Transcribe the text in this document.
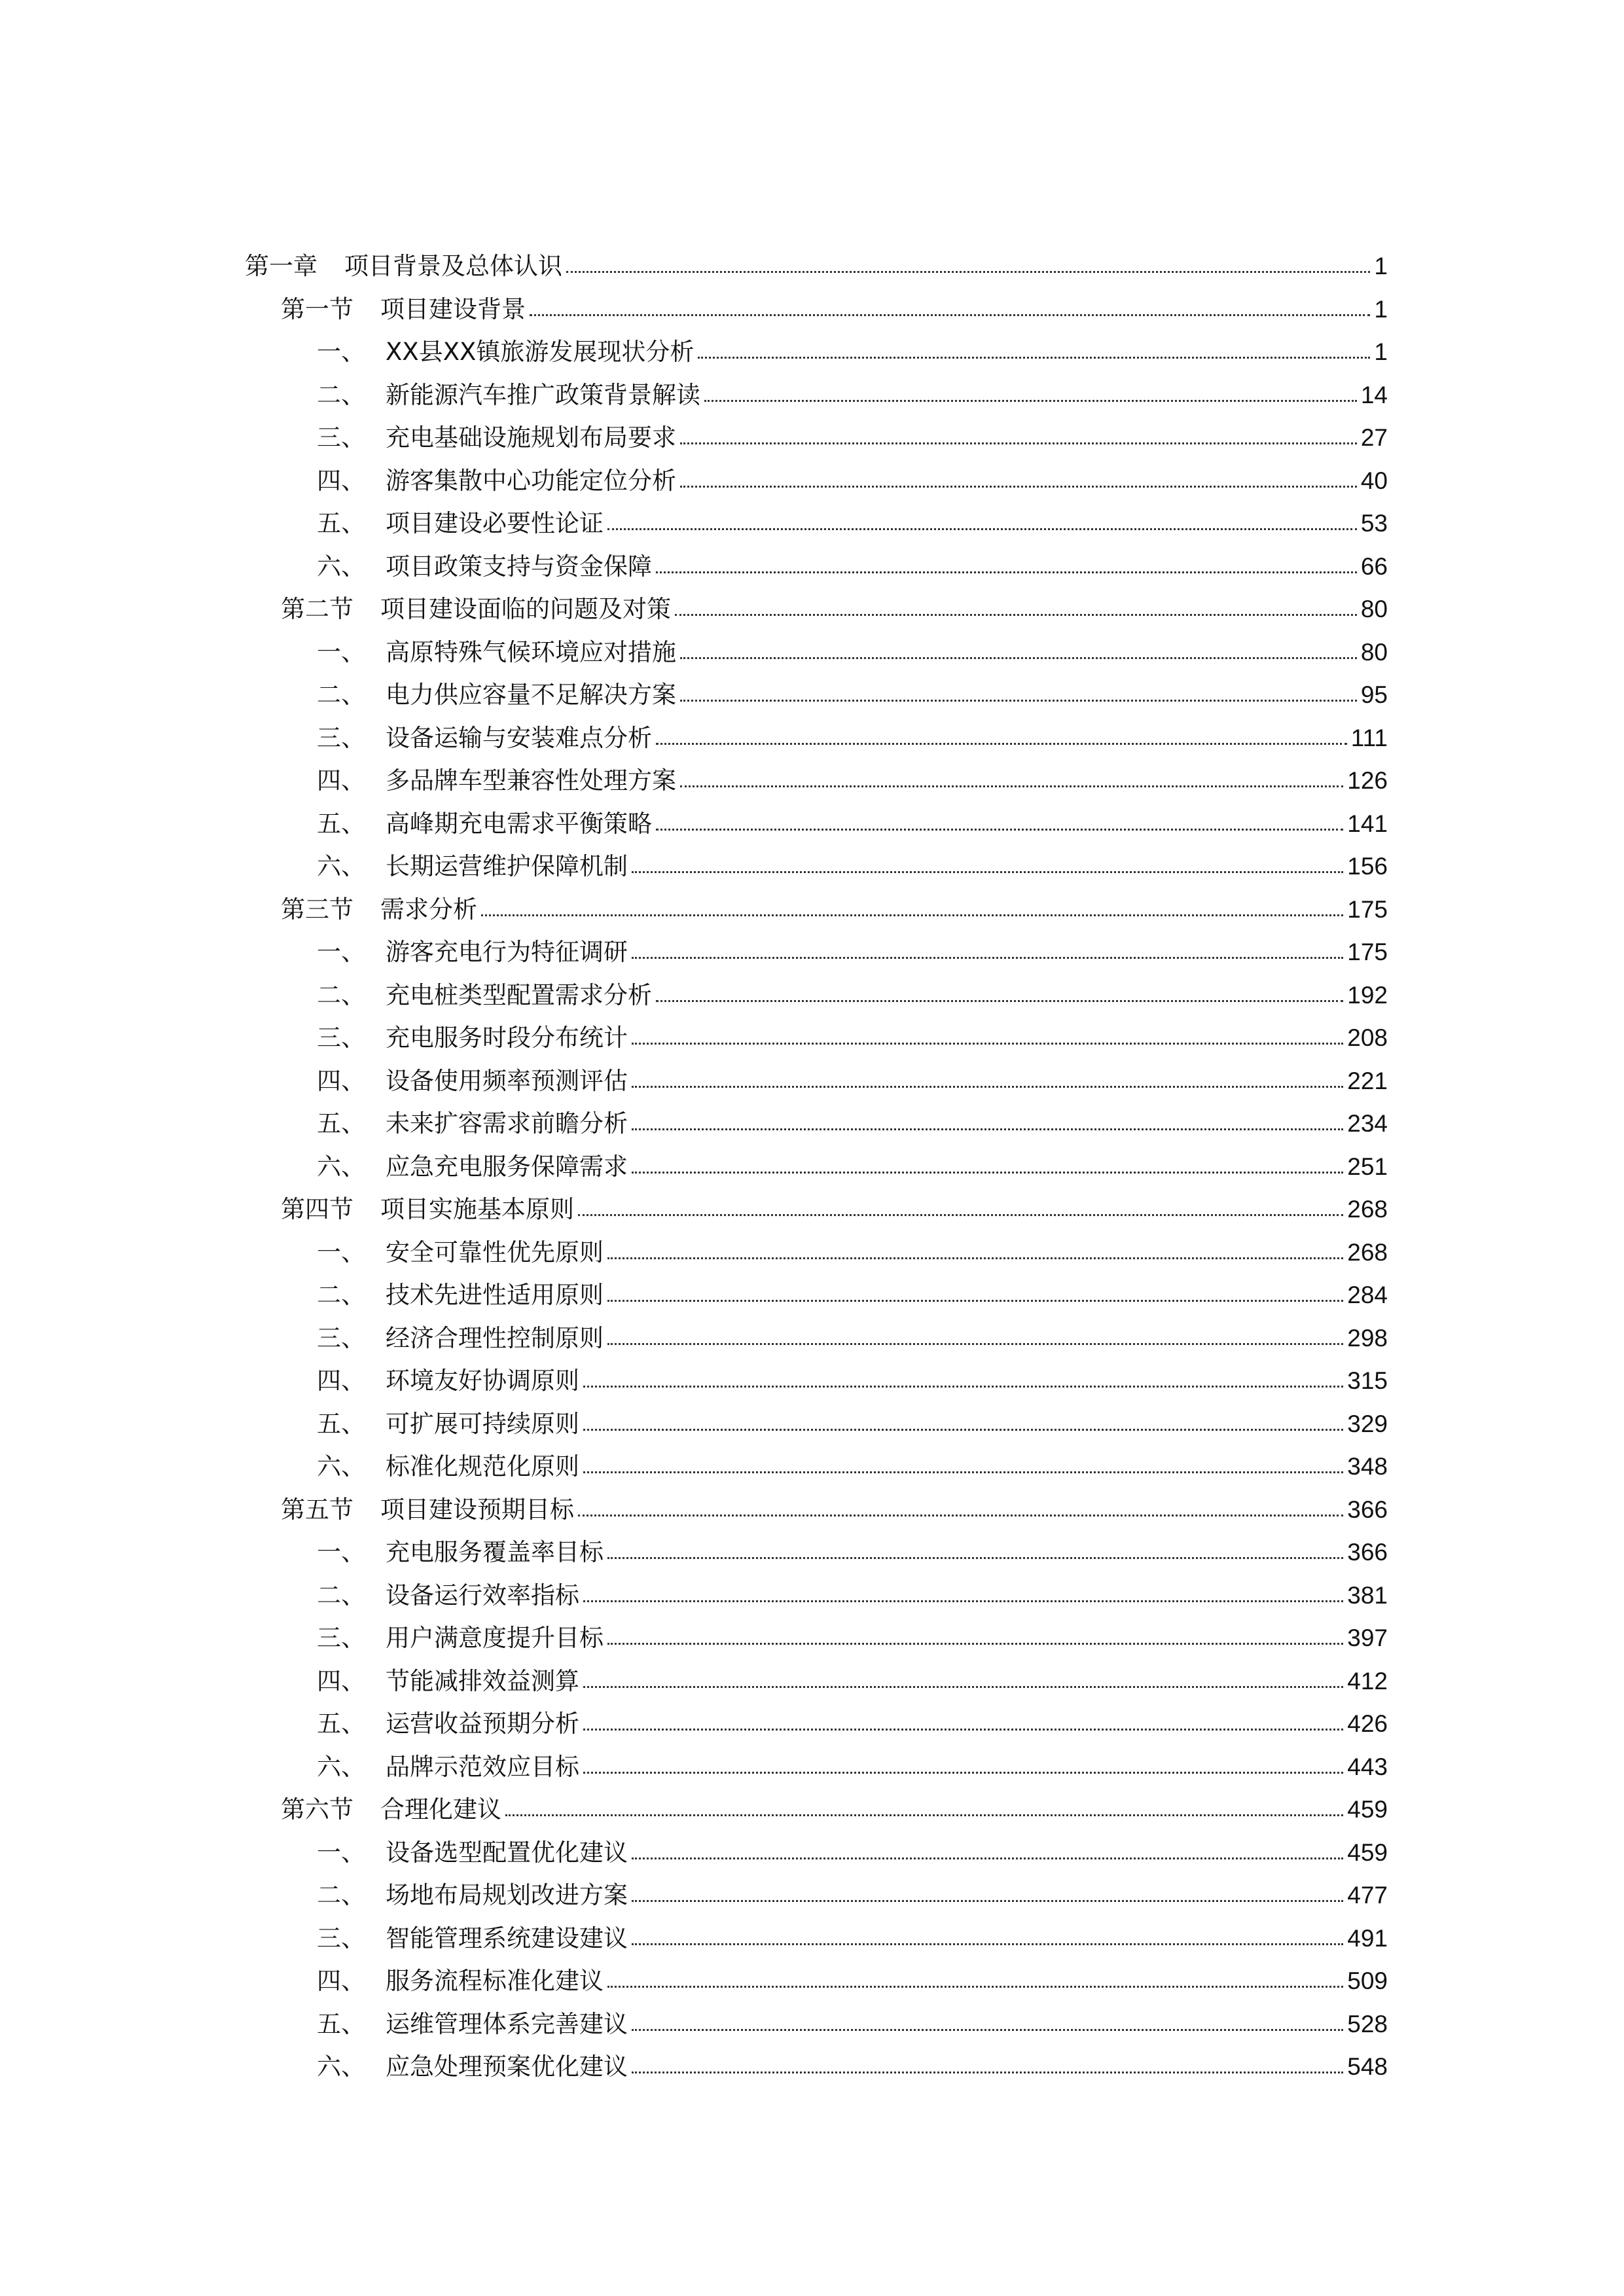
第一章	项目背景及总体认识	1
第一节	项目建设背景	1
一、 XX县XX镇旅游发展现状分析	1
二、 新能源汽车推广政策背景解读	14
三、 充电基础设施规划布局要求	27
四、 游客集散中心功能定位分析	40
五、 项目建设必要性论证	53
六、 项目政策支持与资金保障	66
第二节	项目建设面临的问题及对策	80
一、 高原特殊气候环境应对措施	80
二、 电力供应容量不足解决方案	95
三、 设备运输与安装难点分析	111
四、 多品牌车型兼容性处理方案	126
五、 高峰期充电需求平衡策略	141
六、 长期运营维护保障机制	156
第三节	需求分析	175
一、 游客充电行为特征调研	175
二、 充电桩类型配置需求分析	192
三、 充电服务时段分布统计	208
四、 设备使用频率预测评估	221
五、 未来扩容需求前瞻分析	234
六、 应急充电服务保障需求	251
第四节	项目实施基本原则	268
一、 安全可靠性优先原则	268
二、 技术先进性适用原则	284
三、 经济合理性控制原则	298
四、 环境友好协调原则	315
五、 可扩展可持续原则	329
六、 标准化规范化原则	348
第五节	项目建设预期目标	366
一、 充电服务覆盖率目标	366
二、 设备运行效率指标	381
三、 用户满意度提升目标	397
四、 节能减排效益测算	412
五、 运营收益预期分析	426
六、 品牌示范效应目标	443
第六节	合理化建议	459
一、 设备选型配置优化建议	459
二、 场地布局规划改进方案	477
三、 智能管理系统建设建议	491
四、 服务流程标准化建议	509
五、 运维管理体系完善建议	528
六、 应急处理预案优化建议	548
